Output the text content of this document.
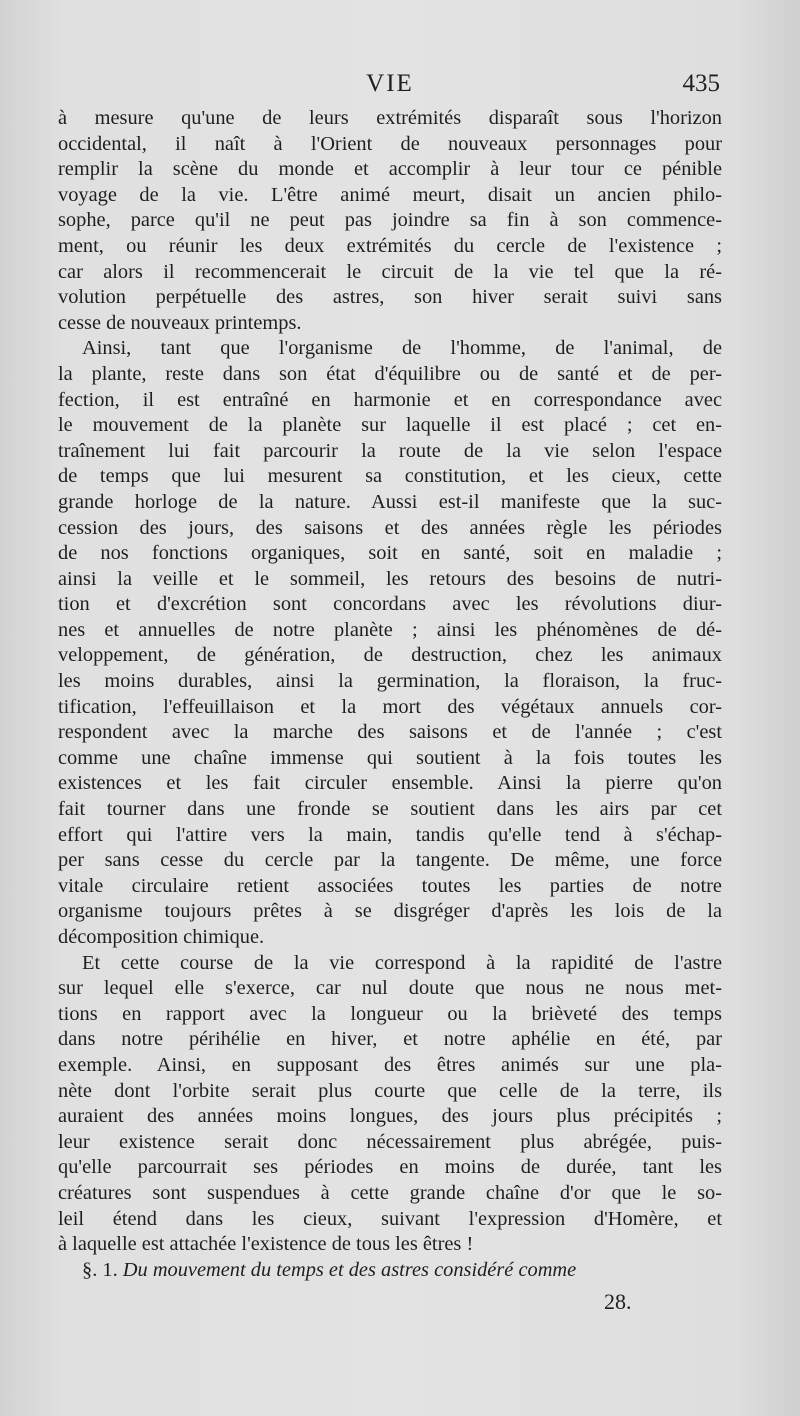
VIE	435
à mesure qu'une de leurs extrémités disparaît sous l'horizon
occidental, il naît à l'Orient de nouveaux personnages pour
remplir la scène du monde et accomplir à leur tour ce pénible
voyage de la vie. L'être animé meurt, disait un ancien philo-
sophe, parce qu'il ne peut pas joindre sa fin à son commence-
ment, ou réunir les deux extrémités du cercle de l'existence ;
car alors il recommencerait le circuit de la vie tel que la ré-
volution perpétuelle des astres, son hiver serait suivi sans
cesse de nouveaux printemps.
Ainsi, tant que l'organisme de l'homme, de l'animal, de
la plante, reste dans son état d'équilibre ou de santé et de per-
fection, il est entraîné en harmonie et en correspondance avec
le mouvement de la planète sur laquelle il est placé ; cet en-
traînement lui fait parcourir la route de la vie selon l'espace
de temps que lui mesurent sa constitution, et les cieux, cette
grande horloge de la nature. Aussi est-il manifeste que la suc-
cession des jours, des saisons et des années règle les périodes
de nos fonctions organiques, soit en santé, soit en maladie ;
ainsi la veille et le sommeil, les retours des besoins de nutri-
tion et d'excrétion sont concordans avec les révolutions diur-
nes et annuelles de notre planète ; ainsi les phénomènes de dé-
veloppement, de génération, de destruction, chez les animaux
les moins durables, ainsi la germination, la floraison, la fruc-
tification, l'effeuillaison et la mort des végétaux annuels cor-
respondent avec la marche des saisons et de l'année ; c'est
comme une chaîne immense qui soutient à la fois toutes les
existences et les fait circuler ensemble. Ainsi la pierre qu'on
fait tourner dans une fronde se soutient dans les airs par cet
effort qui l'attire vers la main, tandis qu'elle tend à s'échap-
per sans cesse du cercle par la tangente. De même, une force
vitale circulaire retient associées toutes les parties de notre
organisme toujours prêtes à se disgréger d'après les lois de la
décomposition chimique.
Et cette course de la vie correspond à la rapidité de l'astre
sur lequel elle s'exerce, car nul doute que nous ne nous met-
tions en rapport avec la longueur ou la brièveté des temps
dans notre périhélie en hiver, et notre aphélie en été, par
exemple. Ainsi, en supposant des êtres animés sur une pla-
nète dont l'orbite serait plus courte que celle de la terre, ils
auraient des années moins longues, des jours plus précipités ;
leur existence serait donc nécessairement plus abrégée, puis-
qu'elle parcourrait ses périodes en moins de durée, tant les
créatures sont suspendues à cette grande chaîne d'or que le so-
leil étend dans les cieux, suivant l'expression d'Homère, et
à laquelle est attachée l'existence de tous les êtres !
§. 1. Du mouvement du temps et des astres considéré comme
28.
